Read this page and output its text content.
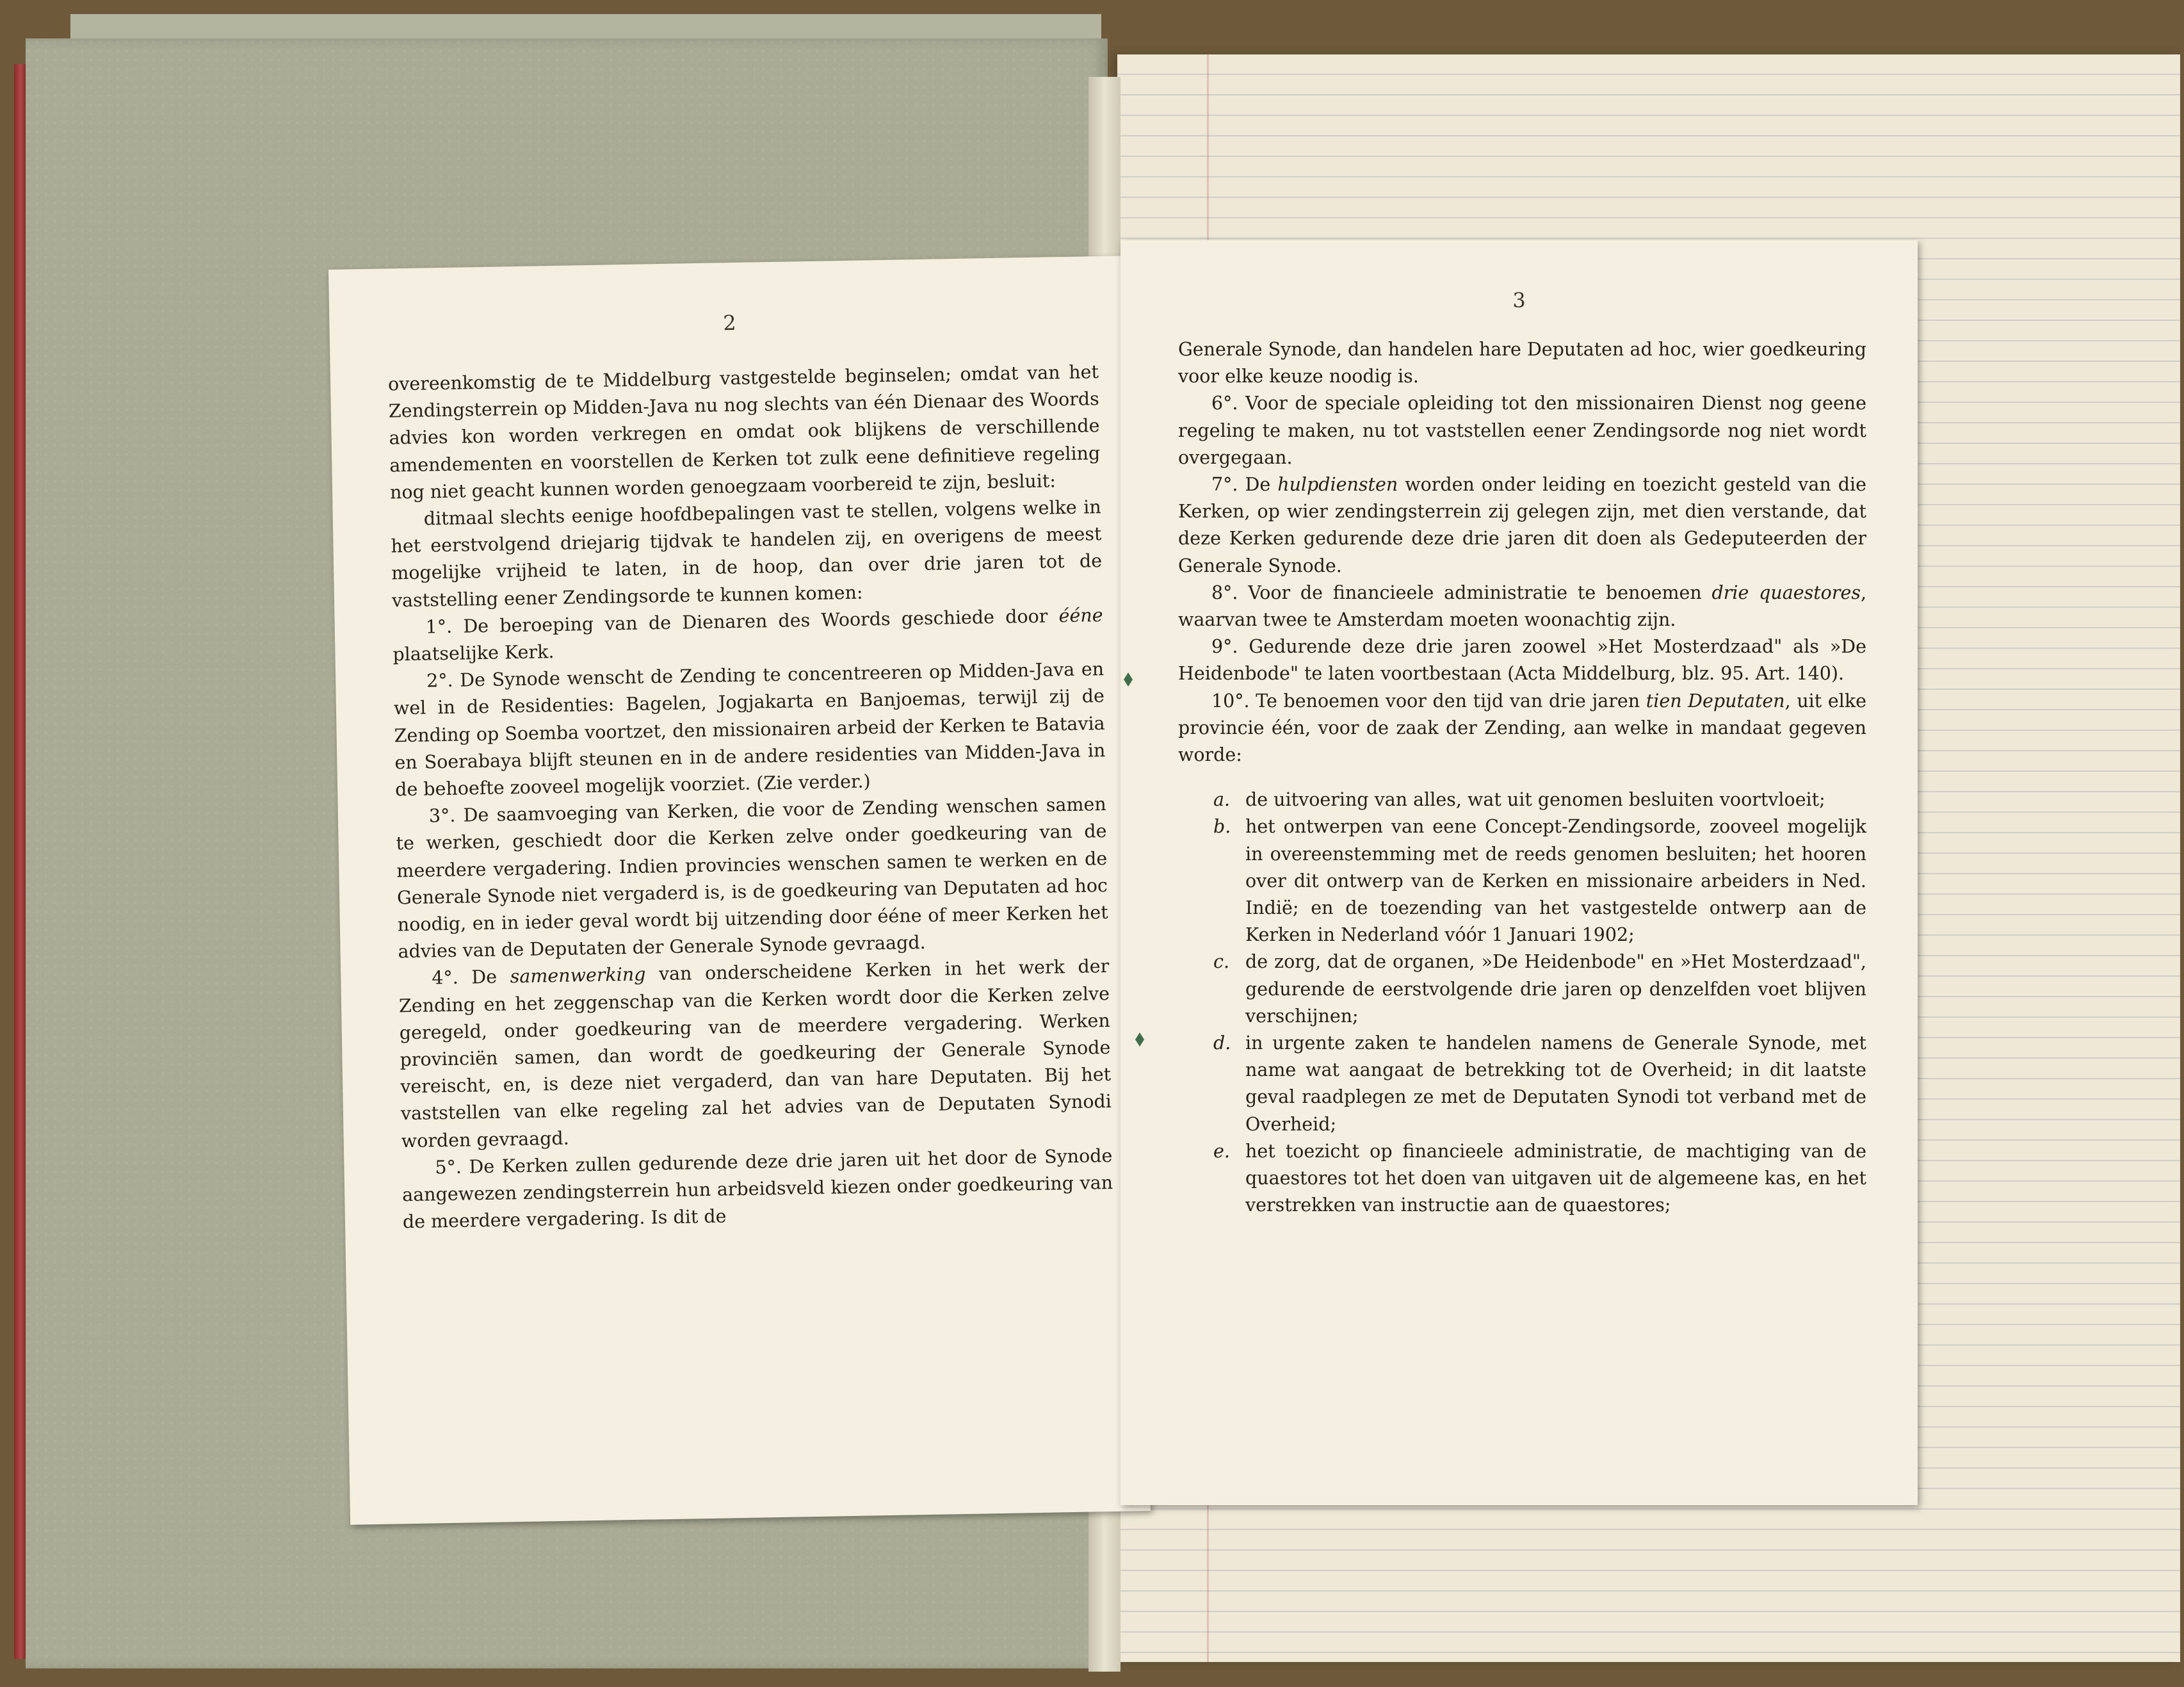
2

overeenkomstig de te Middelburg vastgestelde beginselen; omdat van het Zendingsterrein op Midden-Java nu nog slechts van één Dienaar des Woords advies kon worden verkregen en omdat ook blijkens de verschillende amendementen en voorstellen de Kerken tot zulk eene definitieve regeling nog niet geacht kunnen worden genoegzaam voorbereid te zijn, besluit:

ditmaal slechts eenige hoofdbepalingen vast te stellen, volgens welke in het eerstvolgend driejarig tijdvak te handelen zij, en overigens de meest mogelijke vrijheid te laten, in de hoop, dan over drie jaren tot de vaststelling eener Zendingsorde te kunnen komen:

1°. De beroeping van de Dienaren des Woords geschiede door ééne plaatselijke Kerk.

2°. De Synode wenscht de Zending te concentreeren op Midden-Java en wel in de Residenties: Bagelen, Jogjakarta en Banjoemas, terwijl zij de Zending op Soemba voortzet, den missionairen arbeid der Kerken te Batavia en Soerabaya blijft steunen en in de andere residenties van Midden-Java in de behoefte zooveel mogelijk voorziet. (Zie verder.)

3°. De saamvoeging van Kerken, die voor de Zending wenschen samen te werken, geschiedt door die Kerken zelve onder goedkeuring van de meerdere vergadering. Indien provincies wenschen samen te werken en de Generale Synode niet vergaderd is, is de goedkeuring van Deputaten ad hoc noodig, en in ieder geval wordt bij uitzending door ééne of meer Kerken het advies van de Deputaten der Generale Synode gevraagd.

4°. De samenwerking van onderscheidene Kerken in het werk der Zending en het zeggenschap van die Kerken wordt door die Kerken zelve geregeld, onder goedkeuring van de meerdere vergadering. Werken provinciën samen, dan wordt de goedkeuring der Generale Synode vereischt, en, is deze niet vergaderd, dan van hare Deputaten. Bij het vaststellen van elke regeling zal het advies van de Deputaten Synodi worden gevraagd.

5°. De Kerken zullen gedurende deze drie jaren uit het door de Synode aangewezen zendingsterrein hun arbeidsveld kiezen onder goedkeuring van de meerdere vergadering. Is dit de

3

Generale Synode, dan handelen hare Deputaten ad hoc, wier goedkeuring voor elke keuze noodig is.

6°. Voor de speciale opleiding tot den missionairen Dienst nog geene regeling te maken, nu tot vaststellen eener Zendingsorde nog niet wordt overgegaan.

7°. De hulpdiensten worden onder leiding en toezicht gesteld van die Kerken, op wier zendingsterrein zij gelegen zijn, met dien verstande, dat deze Kerken gedurende deze drie jaren dit doen als Gedeputeerden der Generale Synode.

8°. Voor de financieele administratie te benoemen drie quaestores, waarvan twee te Amsterdam moeten woonachtig zijn.

9°. Gedurende deze drie jaren zoowel »Het Mosterdzaad" als »De Heidenbode" te laten voortbestaan (Acta Middelburg, blz. 95. Art. 140).

10°. Te benoemen voor den tijd van drie jaren tien Deputaten, uit elke provincie één, voor de zaak der Zending, aan welke in mandaat gegeven worde:

a. de uitvoering van alles, wat uit genomen besluiten voortvloeit;

b. het ontwerpen van eene Concept-Zendingsorde, zooveel mogelijk in overeenstemming met de reeds genomen besluiten; het hooren over dit ontwerp van de Kerken en missionaire arbeiders in Ned. Indië; en de toezending van het vastgestelde ontwerp aan de Kerken in Nederland vóór 1 Januari 1902;

c. de zorg, dat de organen, »De Heidenbode" en »Het Mosterdzaad", gedurende de eerstvolgende drie jaren op denzelfden voet blijven verschijnen;

d. in urgente zaken te handelen namens de Generale Synode, met name wat aangaat de betrekking tot de Overheid; in dit laatste geval raadplegen ze met de Deputaten Synodi tot verband met de Overheid;

e. het toezicht op financieele administratie, de machtiging van de quaestores tot het doen van uitgaven uit de algemeene kas, en het verstrekken van instructie aan de quaestores;
